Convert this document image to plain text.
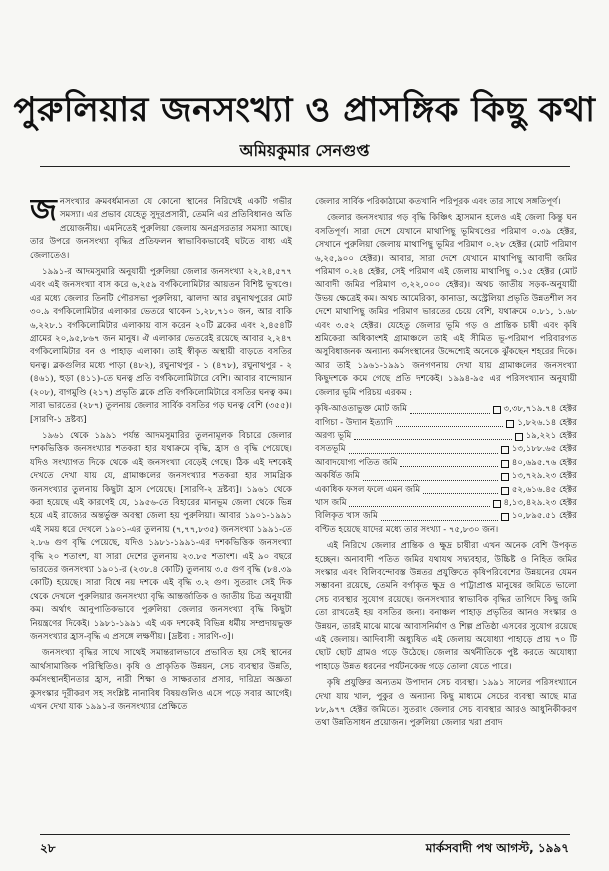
পুরুলিয়ার জনসংখ্যা ও প্রাসঙ্গিক কিছু কথা
অমিয়কুমার সেনগুপ্ত

জ নসংখ্যার ক্রমবর্ধমানতা যে কোনো স্থানের নিরিখেই একটি গভীর সমস্যা। এর প্রভাব যেহেতু সুদূরপ্রসারী, তেমনি এর প্রতিবিধানও অতি প্রয়োজনীয়। এমনিতেই পুরুলিয়া জেলায় অনগ্রসরতার সমস্যা আছে। তার উপরে জনসংখ্যা বৃদ্ধির প্রতিফলন স্বাভাবিকভাবেই ঘটতে বাধ্য এই জেলাতেও।

১৯৯১-র আদমসুমারি অনুযায়ী পুরুলিয়া জেলার জনসংখ্যা ২২,২৪,৫৭৭ এবং এই জনসংখ্যা বাস করে ৬,২৫৯ বর্গকিলোমিটার আয়তন বিশিষ্ট ভূখণ্ডে। এর মধ্যে জেলার তিনটি পৌরসভা পুরুলিয়া, ঝালদা আর রঘুনাথপুরের মোট ৩০.৯ বর্গকিলোমিটার এলাকার ভেতরে থাকেন ১,২৮,৭১০ জন, আর বাকি ৬,২২৮.১ বর্গকিলোমিটার এলাকায় বাস করেন ২০টি ব্লকের এবং ২,৪৫৪টি গ্রামের ২০,৯৫,৮৬৭ জন মানুষ। ঐ এলাকার ভেতরেই রয়েছে আবার ২,২৪৭ বর্গকিলোমিটার বন ও পাহাড় এলাকা। তাই স্বীকৃত অস্থায়ী বাড়তে বসতির ঘনত্ব। ব্লকগুলির মধ্যে পাড়া (৪৮২), রঘুনাথপুর - ১ (৪৭৮), রঘুনাথপুর - ২ (৪৬১), হুড়া (৪১১)-তে ঘনত্ব প্রতি বর্গকিলোমিটারে বেশি। আবার বান্দোয়ান (২০৮), বাগমুণ্ডি (২১৭) প্রভৃতি ব্লকে প্রতি বর্গকিলোমিটারে বসতির ঘনত্ব কম। সারা ভারতের (২৮৭) তুলনায় জেলার সার্বিক বসতির গড় ঘনত্ব বেশি (৩৫৫)। [সারণি-১ দ্রষ্টব্য]

১৯৬১ থেকে ১৯৯১ পর্যন্ত আদমসুমারির তুলনামূলক বিচারে জেলার দশকভিত্তিক জনসংখ্যার শতকরা হার যথাক্রমে বৃদ্ধি, হ্রাস ও বৃদ্ধি পেয়েছে। যদিও সংখ্যাগত দিকে থেকে এই জনসংখ্যা বেড়েই গেছে। ঠিক এই দশকেই দেখতে দেখা যায় যে, গ্রামাঞ্চলের জনসংখ্যার শতকরা হার সামগ্রিক জনসংখ্যার তুলনায় কিছুটা হ্রাস পেয়েছে। [সারণি-২ দ্রষ্টব্য]। ১৯৬১ থেকে করা হয়েছে এই কারণেই যে, ১৯৫৬-তে বিহারের মানভূম জেলা থেকে ভিন্ন হয়ে এই রাজ্যের অন্তর্ভুক্ত অবস্থা জেলা হয় পুরুলিয়া। আবার ১৯০১-১৯৯১ এই সময় ধরে দেখলে ১৯০১-এর তুলনায় (৭,৭৭,৮৩৫) জনসংখ্যা ১৯৯১-তে ২.৮৬ গুণ বৃদ্ধি পেয়েছে, যদিও ১৯৮১-১৯৯১-এর দশকভিত্তিক জনসংখ্যা বৃদ্ধি ২০ শতাংশ, যা সারা দেশের তুলনায় ২৩.৮৫ শতাংশ। এই ৯০ বছরে ভারতের জনসংখ্যা ১৯০১-র (২৩৮.৪ কোটি) তুলনায় ৩.৫ গুণ বৃদ্ধি (৮৪.৩৯ কোটি) হয়েছে। সারা বিশ্বে নয় দশকে এই বৃদ্ধি ৩.২ গুণ। সুতরাং সেই দিক থেকে দেখলে পুরুলিয়ার জনসংখ্যা বৃদ্ধি আন্তর্জাতিক ও জাতীয় চিত্র অনুযায়ী কম। অর্থাৎ আনুপাতিকভাবে পুরুলিয়া জেলার জনসংখ্যা বৃদ্ধি কিছুটা নিয়ন্ত্রণের দিকেই। ১৯৮১-১৯৯১ এই এক দশকেই বিভিন্ন ধর্মীয় সম্প্রদায়ভুক্ত জনসংখ্যার হ্রাস-বৃদ্ধি এ প্রসঙ্গে লক্ষণীয়। [দ্রষ্টব্য : সারণি-৩]।

জনসংখ্যা বৃদ্ধির সাথে সাথেই সমান্তরালভাবে প্রভাবিত হয় সেই স্থানের আর্থসামাজিক পরিস্থিতিও। কৃষি ও প্রাকৃতিক উন্নয়ন, সেচ ব্যবস্থার উন্নতি, কর্মসংস্থানহীনতার হ্রাস, নারী শিক্ষা ও সাক্ষরতার প্রসার, দারিদ্র্য অজ্ঞতা কুসংস্কার দূরীকরণ সহ সংশ্লিষ্ট নানাবিধ বিষয়গুলিও এসে পড়ে সবার আগেই। এখন দেখা যাক ১৯৯১-র জনসংখ্যার প্রেক্ষিতে

জেলার সার্বিক পরিকাঠামো কতখানি পরিপূরক এবং তার সাথে সঙ্গতিপূর্ণ।

জেলার জনসংখ্যার গড় বৃদ্ধি কিঞ্চিৎ হ্রাসমান হলেও এই জেলা কিন্তু ঘন বসতিপূর্ণ। সারা দেশে যেখানে মাথাপিছু ভূমিখণ্ডের পরিমাণ ০.৩৯ হেক্টর, সেখানে পুরুলিয়া জেলায় মাথাপিছু ভূমির পরিমাণ ০.২৮ হেক্টর (মোট পরিমাণ ৬,২৫,৯০০ হেক্টর)। আবার, সারা দেশে যেখানে মাথাপিছু আবাদী জমির পরিমাণ ০.২৪ হেক্টর, সেই পরিমাণ এই জেলায় মাথাপিছু ০.১৫ হেক্টর (মোট আবাদী জমির পরিমাণ ৩,২২,০০০ হেক্টর)। অথচ জাতীয় সড়ক-অনুযায়ী উভয় ক্ষেত্রেই কম। অথচ আমেরিকা, কানাডা, অস্ট্রেলিয়া প্রভৃতি উন্নতশীল সব দেশে মাথাপিছু জমির পরিমাণ ভারতের চেয়ে বেশি, যথাক্রমে ০.৮১, ১.৬৮ এবং ৩.৫২ হেক্টর। যেহেতু জেলার ভূমি গড় ও প্রান্তিক চাষী এবং কৃষি শ্রমিকেরা অধিকাংশই গ্রামাঞ্চলে তাই এই সীমিত ভূ-পরিমাপ পরিবারগত অসুবিধাজনক অন্যান্য কর্মসংস্থানের উদ্দেশ্যেই অনেকে ঝুঁকছেন শহরের দিকে। আর তাই ১৯৬১-১৯৯১ জনগণনায় দেখা যায় গ্রামাঞ্চলের জনসংখ্যা কিছুদশকে কমে গেছে প্রতি দশকেই। ১৯৯৪-৯৫ এর পরিসংখ্যান অনুযায়ী জেলার ভূমি পরিচয় এরকম :

কৃষি-আওতাভুক্ত মোট জমি	৩,৩৮,৭১৯.৭৪ হেক্টর
বাগিচা - উদ্যান ইত্যাদি	১,৮২৬.১৪ হেক্টর
অরণ্য ভূমি	১৯,২২১ হেক্টর
বসতভূমি	১৩,১৮৮.৬৫ হেক্টর
আবাদযোগ্য পতিত জমি	৪০,৬৯৫.৭৬ হেক্টর
অকর্ষিত জমি	১৩,৭২৯.২৩ হেক্টর
একাধিক ফসল ফলে এমন জমি	৫২,৬১৬.৪৫ হেক্টর
খাস জমি	৪,১৩,৪২৯.২৩ হেক্টর
বিলিকৃত খাস জমি	১০,৮৯৫.৫১ হেক্টর

বণ্টিত হয়েছে যাদের মধ্যে তার সংখ্যা - ৭৫,৮৩০ জন।

এই নিরিখে জেলার প্রান্তিক ও ক্ষুদ্র চাষীরা এখন অনেক বেশি উপকৃত হচ্ছেন। অনাবাদী পতিত জমির যথাযথ সদ্ব্যবহার, উচ্চিষ্ট ও নিহিত জমির সংস্কার এবং বিলিবন্দোবস্ত উন্নতর প্রযুক্তিতে কৃষিপরিবেশের উন্নয়নের যেমন সম্ভাবনা রয়েছে, তেমনি বর্গাকৃত ক্ষুদ্র ও পাট্টাপ্রাপ্ত মানুষের জমিতে ভালো সেচ ব্যবস্থার সুযোগ রয়েছে। জনসংখ্যার স্বাভাবিক বৃদ্ধির তাগিদে কিছু জমি তো রাখতেই হয় বসতির জন্য। বনাঞ্চল পাহাড় প্রভৃতির আনও সংস্কার ও উন্নয়ন, তারই মাঝে মাঝে আবাসনির্মাণ ও শিল্প প্রতিষ্ঠা এসবের সুযোগ রয়েছে এই জেলায়। আদিবাসী অধ্যুষিত এই জেলায় অযোধ্যা পাহাড়ে প্রায় ৭০ টি ছোট ছোট গ্রামও গড়ে উঠেছে। জেলার অর্থনীতিকে পুষ্ট করতে অযোধ্যা পাহাড়ে উন্নত ধরনের পর্যটনকেন্দ্র গড়ে তোলা যেতে পারে।

কৃষি প্রযুক্তির অন্যতম উপাদান সেচ ব্যবস্থা। ১৯৯১ সালের পরিসংখ্যানে দেখা যায় খাল, পুকুর ও অন্যান্য কিছু মাধ্যমে সেচের ব্যবস্থা আছে মাত্র ৮৮,৯৭৭ হেক্টর জমিতে। সুতরাং জেলার সেচ ব্যবস্থার আরও আধুনিকীকরণ তথা উন্নতিসাধন প্রয়োজন। পুরুলিয়া জেলার খরা প্রবাদ

২৮	মার্কসবাদী পথ আগস্ট, ১৯৯৭
